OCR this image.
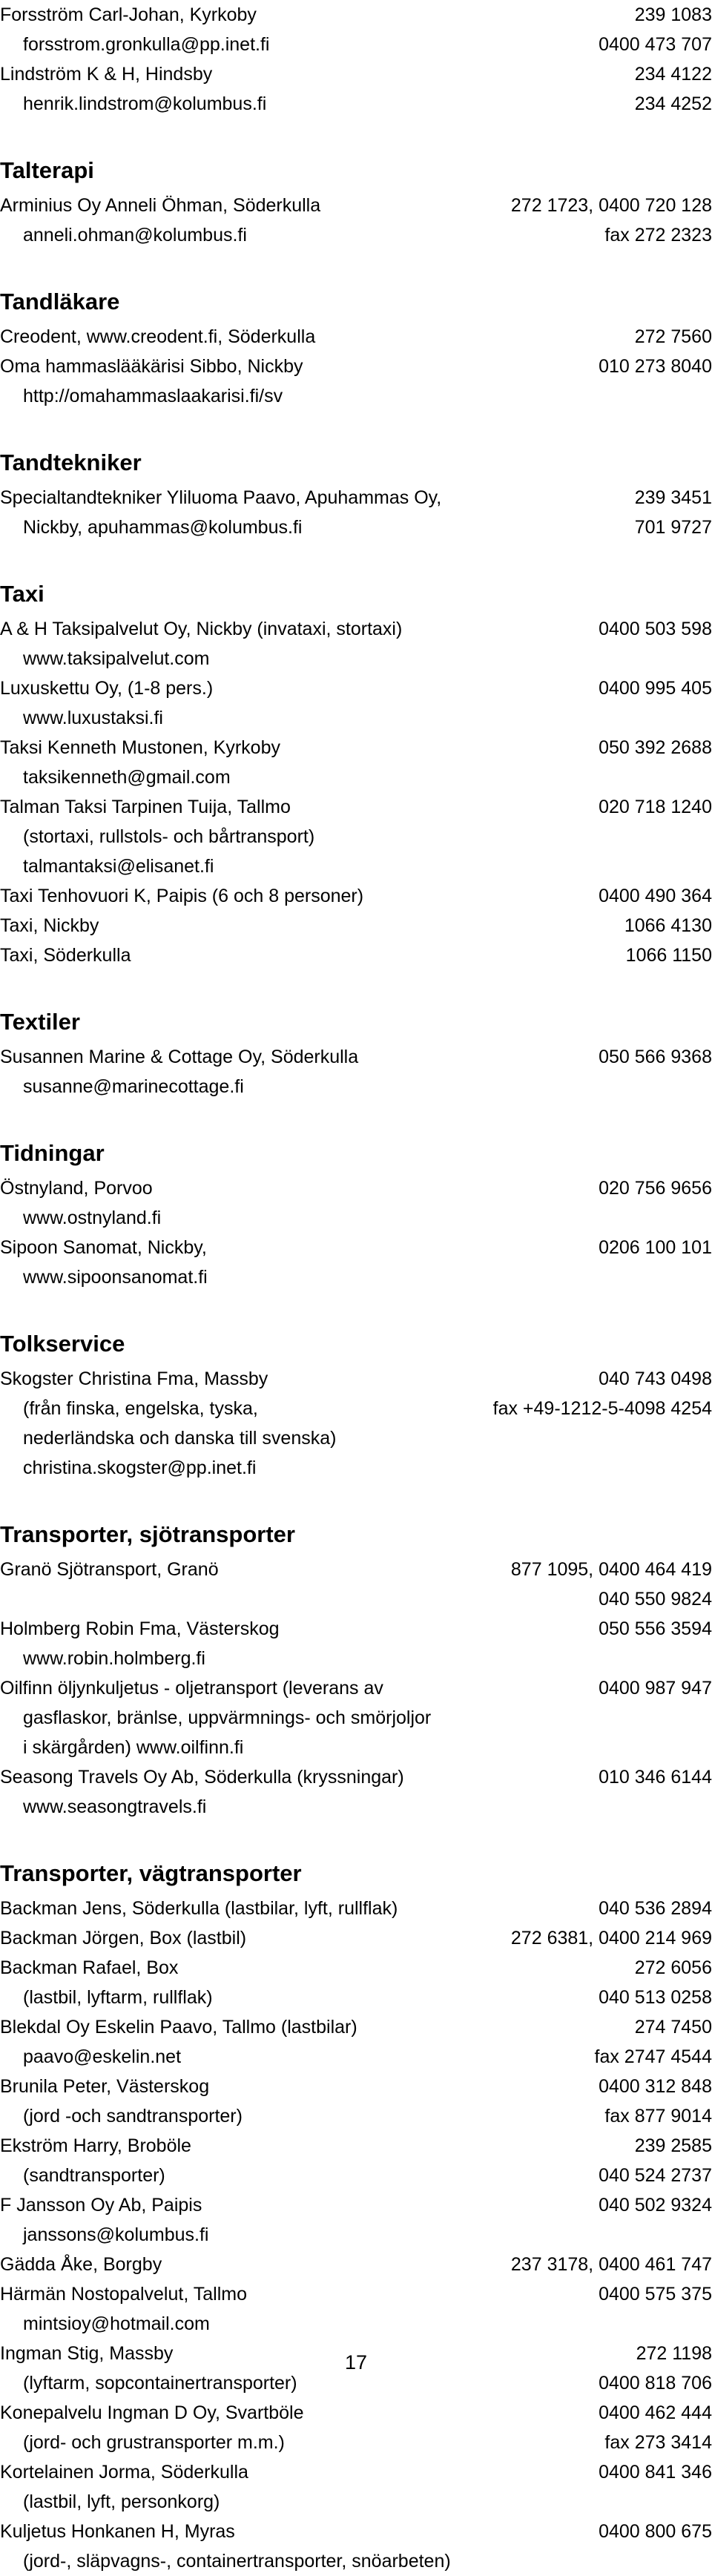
Forsström Carl-Johan, Kyrkoby	239 1083
forsstrom.gronkulla@pp.inet.fi	0400 473 707
Lindström K & H, Hindsby	234 4122
henrik.lindstrom@kolumbus.fi	234 4252
Talterapi
Arminius Oy Anneli Öhman, Söderkulla	272 1723, 0400 720 128
anneli.ohman@kolumbus.fi	fax 272 2323
Tandläkare
Creodent, www.creodent.fi, Söderkulla	272 7560
Oma hammaslääkärisi Sibbo, Nickby	010 273 8040
http://omahammaslaakarisi.fi/sv
Tandtekniker
Specialtandtekniker Yliluoma Paavo, Apuhammas Oy,	239 3451
Nickby, apuhammas@kolumbus.fi	701 9727
Taxi
A & H Taksipalvelut Oy, Nickby (invataxi, stortaxi)	0400 503 598
www.taksipalvelut.com
Luxuskettu Oy, (1-8 pers.)	0400 995 405
www.luxustaksi.fi
Taksi Kenneth Mustonen, Kyrkoby	050 392 2688
taksikenneth@gmail.com
Talman Taksi Tarpinen Tuija, Tallmo	020 718 1240
(stortaxi, rullstols- och bårtransport)
talmantaksi@elisanet.fi
Taxi Tenhovuori K, Paipis (6 och 8 personer)	0400 490 364
Taxi, Nickby	1066 4130
Taxi, Söderkulla	1066 1150
Textiler
Susannen Marine & Cottage Oy, Söderkulla	050 566 9368
susanne@marinecottage.fi
Tidningar
Östnyland, Porvoo	020 756 9656
www.ostnyland.fi
Sipoon Sanomat, Nickby,	0206 100 101
www.sipoonsanomat.fi
Tolkservice
Skogster Christina Fma, Massby	040 743 0498
(från finska, engelska, tyska,	fax +49-1212-5-4098 4254
nederländska och danska till svenska)
christina.skogster@pp.inet.fi
Transporter, sjötransporter
Granö Sjötransport, Granö	877 1095, 0400 464 419
040 550 9824
Holmberg Robin Fma, Västerskog	050 556 3594
www.robin.holmberg.fi
Oilfinn öljynkuljetus - oljetransport (leverans av	0400 987 947
gasflaskor, bränlse, uppvärmnings- och smörjoljor
i skärgården) www.oilfinn.fi
Seasong Travels Oy Ab, Söderkulla (kryssningar)	010 346 6144
www.seasongtravels.fi
Transporter, vägtransporter
Backman Jens, Söderkulla (lastbilar, lyft, rullflak)	040 536 2894
Backman Jörgen, Box (lastbil)	272 6381, 0400 214 969
Backman Rafael, Box	272 6056
(lastbil, lyftarm, rullflak)	040 513 0258
Blekdal Oy Eskelin Paavo, Tallmo (lastbilar)	274 7450
paavo@eskelin.net	fax 2747 4544
Brunila Peter, Västerskog	0400 312 848
(jord -och sandtransporter)	fax 877 9014
Ekström Harry, Broböle	239 2585
(sandtransporter)	040 524 2737
F Jansson Oy Ab, Paipis	040 502 9324
janssons@kolumbus.fi
Gädda Åke, Borgby	237 3178, 0400 461 747
Härmän Nostopalvelut, Tallmo	0400 575 375
mintsioy@hotmail.com
Ingman Stig, Massby	272 1198
(lyftarm, sopcontainertransporter)	0400 818 706
Konepalvelu Ingman D Oy, Svartböle	0400 462 444
(jord- och grustransporter m.m.)	fax 273 3414
Kortelainen Jorma, Söderkulla	0400 841 346
(lastbil, lyft, personkorg)
Kuljetus Honkanen H, Myras	0400 800 675
(jord-, släpvagns-, containertransporter, snöarbeten)
17
